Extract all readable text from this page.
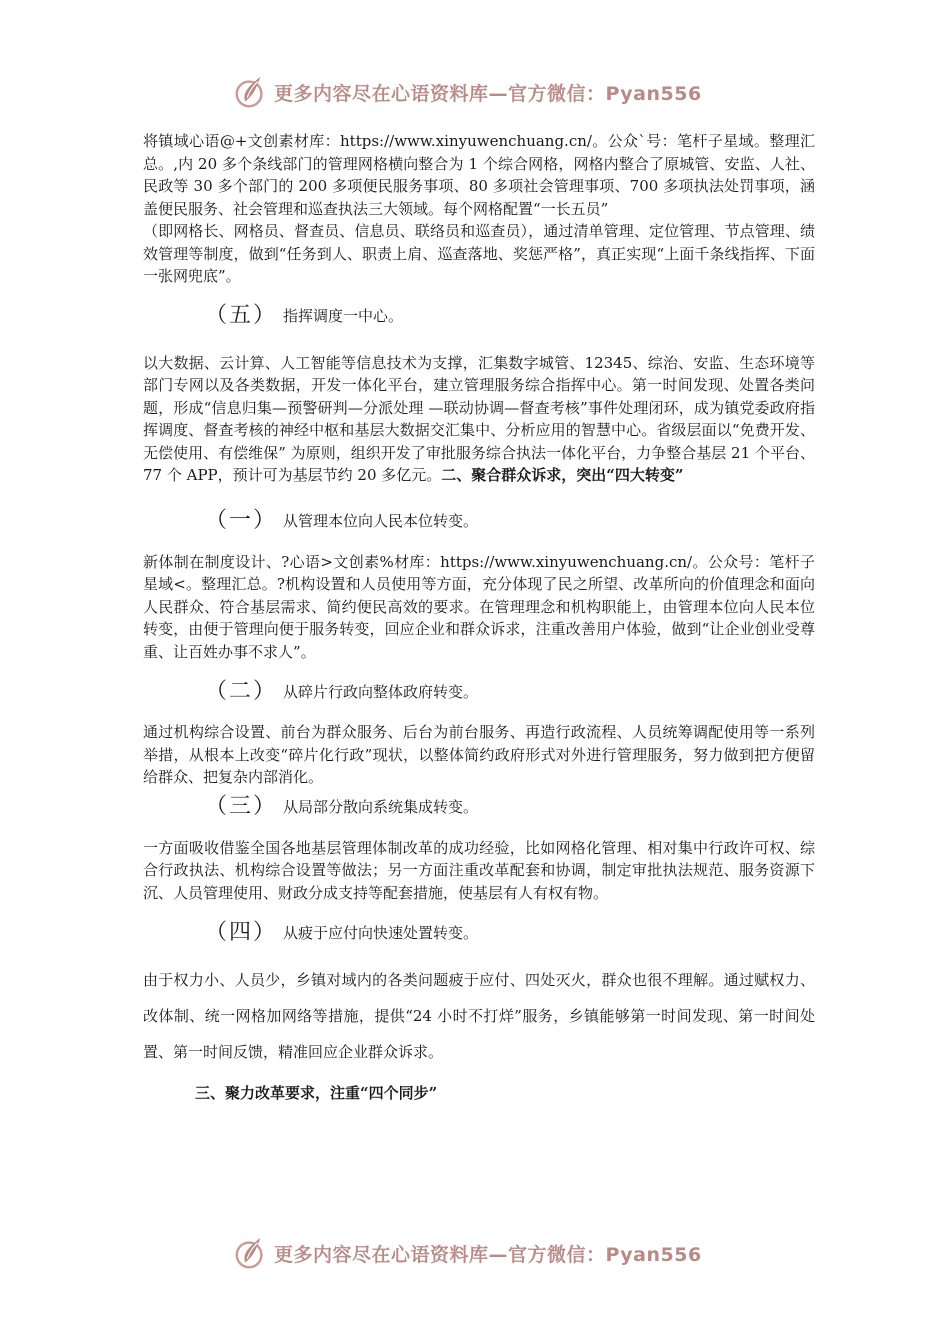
更多内容尽在心语资料库—官方微信：Pyan556

将镇域心语@+文创素材库：https://www.xinyuwenchuang.cn/。公众`号：笔杆子星域。整理汇总。,内 20 多个条线部门的管理网格横向整合为 1 个综合网格，网格内整合了原城管、安监、人社、民政等 30 多个部门的 200 多项便民服务事项、80 多项社会管理事项、700 多项执法处罚事项，涵盖便民服务、社会管理和巡查执法三大领域。每个网格配置“一长五员”

（即网格长、网格员、督查员、信息员、联络员和巡查员），通过清单管理、定位管理、节点管理、绩效管理等制度，做到“任务到人、职责上肩、巡查落地、奖惩严格”，真正实现“上面千条线指挥、下面一张网兜底”。

（五） 指挥调度一中心。

以大数据、云计算、人工智能等信息技术为支撑，汇集数字城管、12345、综治、安监、生态环境等部门专网以及各类数据，开发一体化平台，建立管理服务综合指挥中心。第一时间发现、处置各类问题，形成“信息归集—预警研判—分派处理 —联动协调—督查考核”事件处理闭环，成为镇党委政府指挥调度、督查考核的神经中枢和基层大数据交汇集中、分析应用的智慧中心。省级层面以“免费开发、无偿使用、有偿维保” 为原则，组织开发了审批服务综合执法一体化平台，力争整合基层 21 个平台、77 个 APP，预计可为基层节约 20 多亿元。二、聚合群众诉求，突出“四大转变”

（一） 从管理本位向人民本位转变。

新体制在制度设计、?心语>文创素%材库：https://www.xinyuwenchuang.cn/。公众号：笔杆子星域<。整理汇总。?机构设置和人员使用等方面，充分体现了民之所望、改革所向的价值理念和面向人民群众、符合基层需求、简约便民高效的要求。在管理理念和机构职能上，由管理本位向人民本位转变，由便于管理向便于服务转变，回应企业和群众诉求，注重改善用户体验，做到“让企业创业受尊重、让百姓办事不求人”。

（二） 从碎片行政向整体政府转变。

通过机构综合设置、前台为群众服务、后台为前台服务、再造行政流程、人员统筹调配使用等一系列举措，从根本上改变“碎片化行政”现状，以整体简约政府形式对外进行管理服务，努力做到把方便留给群众、把复杂内部消化。

（三） 从局部分散向系统集成转变。

一方面吸收借鉴全国各地基层管理体制改革的成功经验，比如网格化管理、相对集中行政许可权、综合行政执法、机构综合设置等做法；另一方面注重改革配套和协调，制定审批执法规范、服务资源下沉、人员管理使用、财政分成支持等配套措施，使基层有人有权有物。

（四） 从疲于应付向快速处置转变。

由于权力小、人员少，乡镇对域内的各类问题疲于应付、四处灭火，群众也很不理解。通过赋权力、改体制、统一网格加网络等措施，提供“24 小时不打烊”服务，乡镇能够第一时间发现、第一时间处置、第一时间反馈，精准回应企业群众诉求。

三、聚力改革要求，注重“四个同步”
更多内容尽在心语资料库—官方微信：Pyan556
